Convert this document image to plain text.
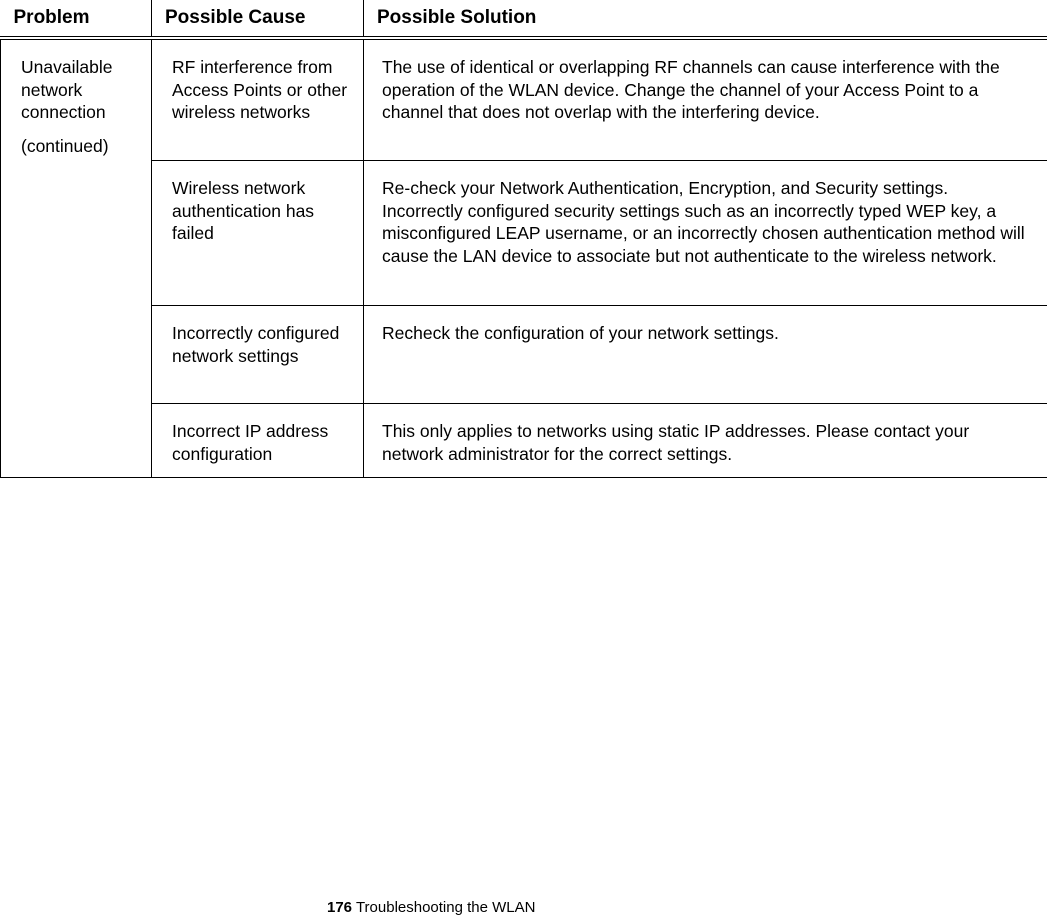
Problem	Possible Cause	Possible Solution

Unavailable network connection
(continued)	RF interference from Access Points or other wireless networks	The use of identical or overlapping RF channels can cause interference with the operation of the WLAN device. Change the channel of your Access Point to a channel that does not overlap with the interfering device.
	Wireless network authentication has failed	Re-check your Network Authentication, Encryption, and Security settings. Incorrectly configured security settings such as an incorrectly typed WEP key, a misconfigured LEAP username, or an incorrectly chosen authentication method will cause the LAN device to associate but not authenticate to the wireless network.
	Incorrectly configured network settings	Recheck the configuration of your network settings.
	Incorrect IP address configuration	This only applies to networks using static IP addresses. Please contact your network administrator for the correct settings.
176 Troubleshooting the WLAN
